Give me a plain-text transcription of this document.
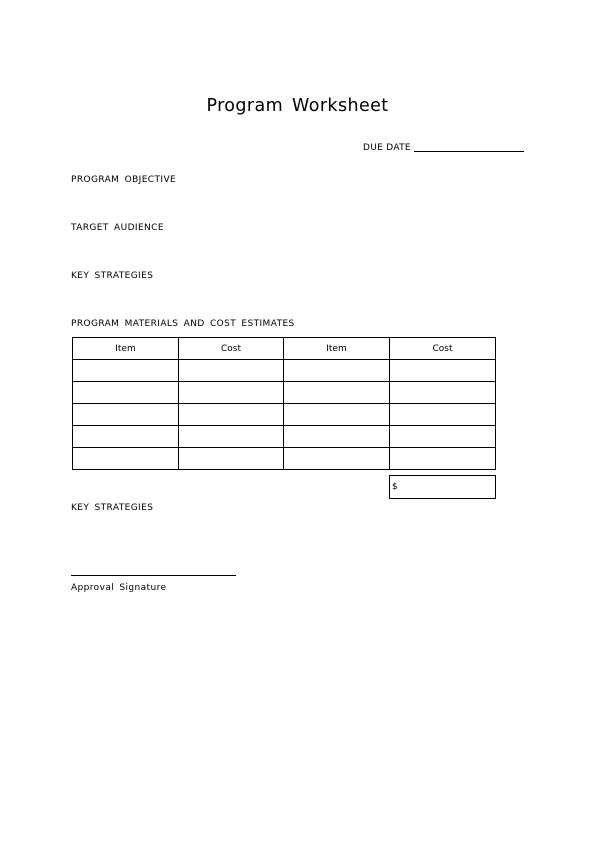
Program Worksheet
DUE DATE
PROGRAM OBJECTIVE
TARGET AUDIENCE
KEY STRATEGIES
PROGRAM MATERIALS AND COST ESTIMATES
Item	Cost	Item	Cost

$
KEY STRATEGIES
Approval Signature
